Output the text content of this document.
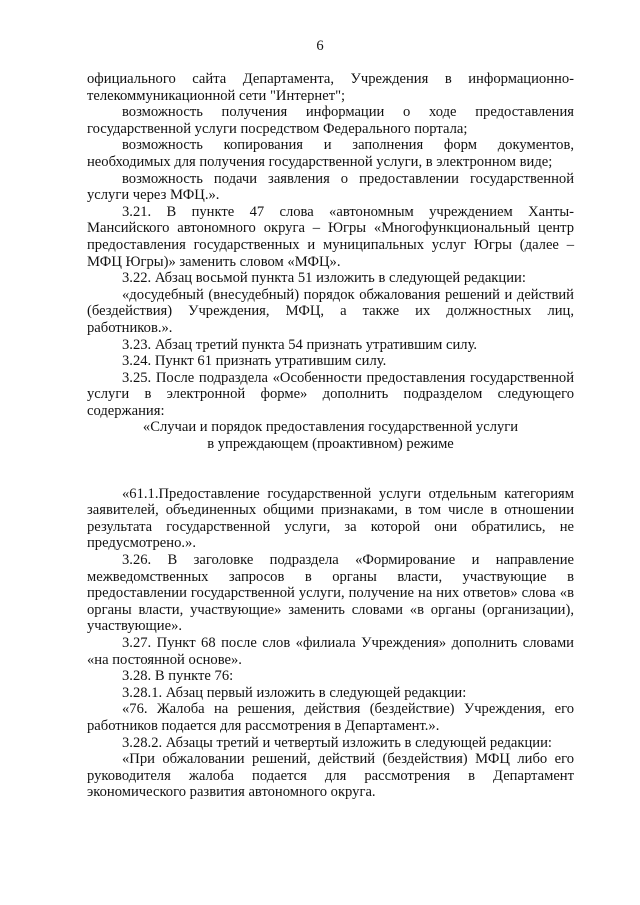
6

официального сайта Департамента, Учреждения в информационно-телекоммуникационной сети "Интернет";

возможность получения информации о ходе предоставления государственной услуги посредством Федерального портала;

возможность копирования и заполнения форм документов, необходимых для получения государственной услуги, в электронном виде;

возможность подачи заявления о предоставлении государственной услуги через МФЦ.».

3.21. В пункте 47 слова «автономным учреждением Ханты-Мансийского автономного округа – Югры «Многофункциональный центр предоставления государственных и муниципальных услуг Югры (далее – МФЦ Югры)» заменить словом «МФЦ».

3.22. Абзац восьмой пункта 51 изложить в следующей редакции:

«досудебный (внесудебный) порядок обжалования решений и действий (бездействия) Учреждения, МФЦ, а также их должностных лиц, работников.».

3.23. Абзац третий пункта 54 признать утратившим силу.

3.24. Пункт 61 признать утратившим силу.

3.25. После подраздела «Особенности предоставления государственной услуги в электронной форме» дополнить подразделом следующего содержания:

«Случаи и порядок предоставления государственной услуги

в упреждающем (проактивном) режиме

«61.1.Предоставление государственной услуги отдельным категориям заявителей, объединенных общими признаками, в том числе в отношении результата государственной услуги, за которой они обратились, не предусмотрено.».

3.26. В заголовке подраздела «Формирование и направление межведомственных запросов в органы власти, участвующие в предоставлении государственной услуги, получение на них ответов» слова «в органы власти, участвующие» заменить словами «в органы (организации), участвующие».

3.27. Пункт 68 после слов «филиала Учреждения» дополнить словами «на постоянной основе».

3.28. В пункте 76:

3.28.1. Абзац первый изложить в следующей редакции:

«76. Жалоба на решения, действия (бездействие) Учреждения, его работников подается для рассмотрения в Департамент.».

3.28.2. Абзацы третий и четвертый изложить в следующей редакции:

«При обжаловании решений, действий (бездействия) МФЦ либо его руководителя жалоба подается для рассмотрения в Департамент экономического развития автономного округа.
